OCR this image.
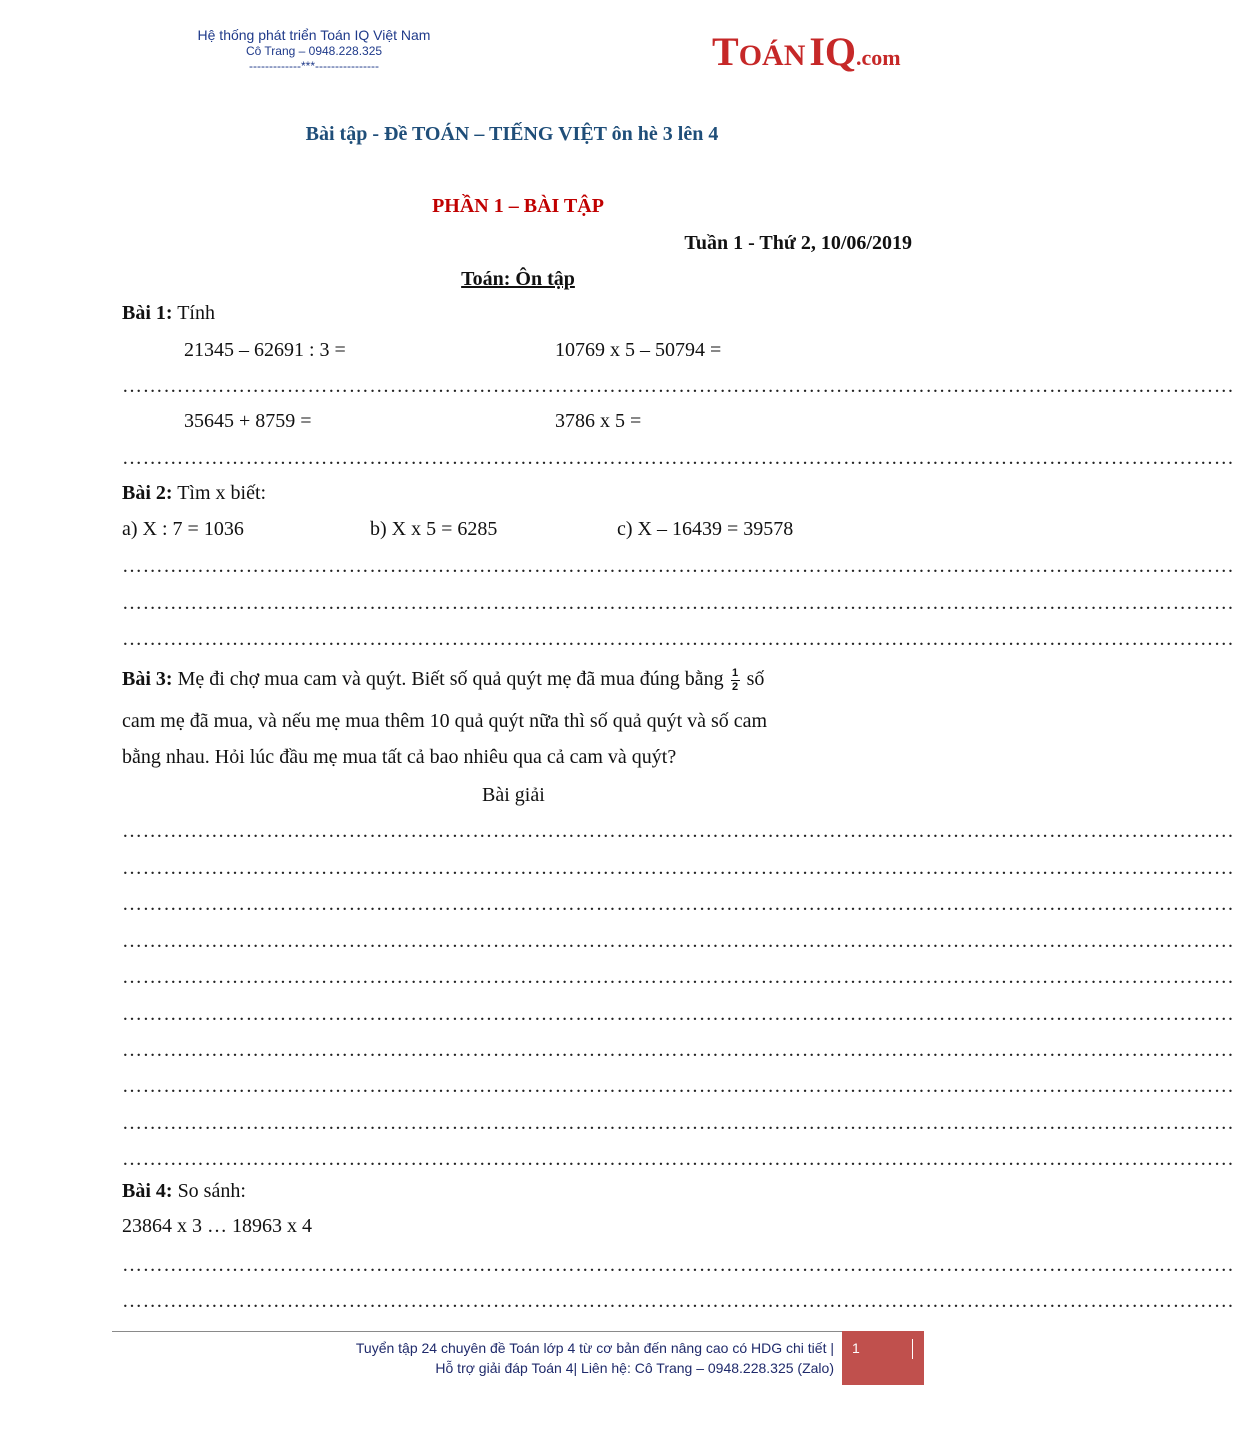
Hệ thống phát triển Toán IQ Việt Nam
Cô Trang – 0948.228.325
-------------***----------------	TOÁN IQ.com
Bài tập - Đề TOÁN – TIẾNG VIỆT ôn hè 3 lên 4
PHẦN 1 – BÀI TẬP
Tuần 1 - Thứ 2, 10/06/2019
Toán: Ôn tập
Bài 1: Tính
21345 – 62691 : 3 =	10769 x 5 – 50794 =
………………………………………………………………………………………………………………………………………………
35645 + 8759 =	3786 x 5 =
………………………………………………………………………………………………………………………………………………
Bài 2: Tìm x biết:
a) X : 7 = 1036	b) X x 5 = 6285	c) X – 16439 = 39578
………………………………………………………………………………………………………………………………………………
………………………………………………………………………………………………………………………………………………
………………………………………………………………………………………………………………………………………………
Bài 3: Mẹ đi chợ mua cam và quýt. Biết số quả quýt mẹ đã mua đúng bằng $\frac{1}{2}$ số
cam mẹ đã mua, và nếu mẹ mua thêm 10 quả quýt nữa thì số quả quýt và số cam
bằng nhau. Hỏi lúc đầu mẹ mua tất cả bao nhiêu qua cả cam và quýt?
Bài giải
………………………………………………………………………………………………………………………………………………
………………………………………………………………………………………………………………………………………………
………………………………………………………………………………………………………………………………………………
………………………………………………………………………………………………………………………………………………
………………………………………………………………………………………………………………………………………………
………………………………………………………………………………………………………………………………………………
………………………………………………………………………………………………………………………………………………
………………………………………………………………………………………………………………………………………………
………………………………………………………………………………………………………………………………………………
………………………………………………………………………………………………………………………………………………
Bài 4: So sánh:
23864 x 3 … 18963 x 4
………………………………………………………………………………………………………………………………………………
………………………………………………………………………………………………………………………………………………
Tuyển tập 24 chuyên đề Toán lớp 4 từ cơ bản đến nâng cao có HDG chi tiết |
Hỗ trợ giải đáp Toán 4| Liên hệ: Cô Trang – 0948.228.325 (Zalo)
1
